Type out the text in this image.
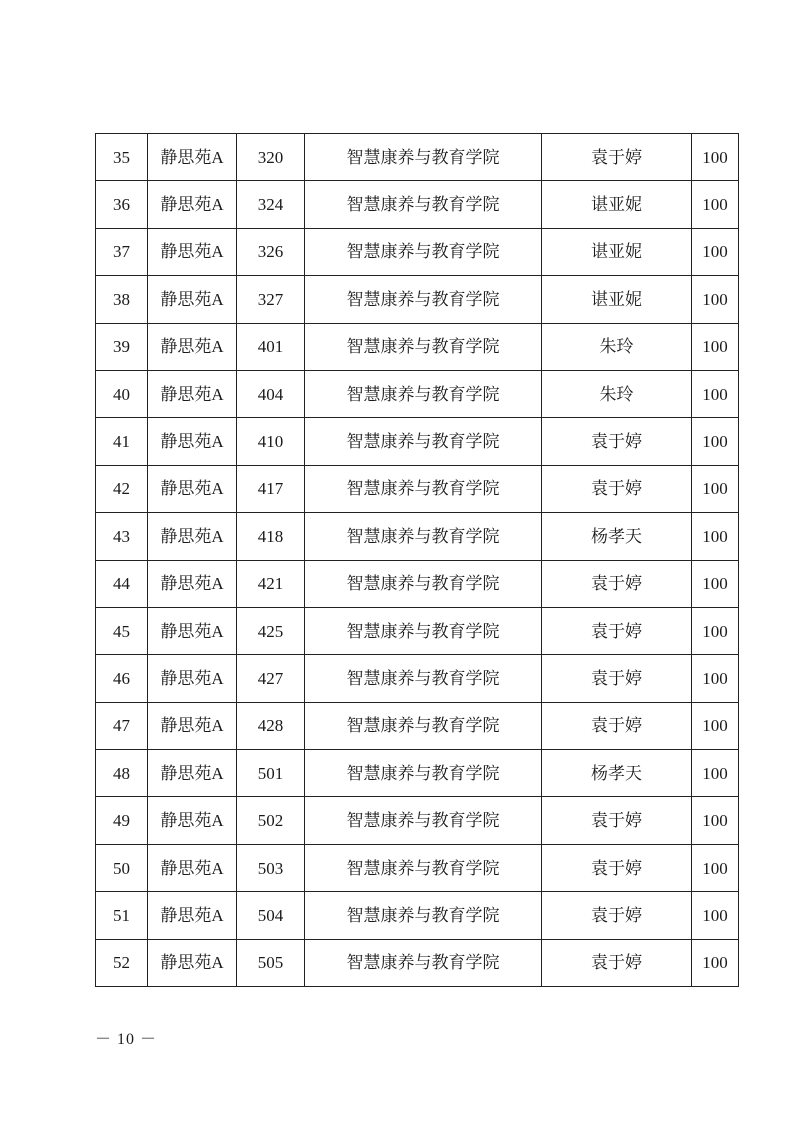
35	静思苑A	320	智慧康养与教育学院	袁于婷	100
36	静思苑A	324	智慧康养与教育学院	谌亚妮	100
37	静思苑A	326	智慧康养与教育学院	谌亚妮	100
38	静思苑A	327	智慧康养与教育学院	谌亚妮	100
39	静思苑A	401	智慧康养与教育学院	朱玲	100
40	静思苑A	404	智慧康养与教育学院	朱玲	100
41	静思苑A	410	智慧康养与教育学院	袁于婷	100
42	静思苑A	417	智慧康养与教育学院	袁于婷	100
43	静思苑A	418	智慧康养与教育学院	杨孝天	100
44	静思苑A	421	智慧康养与教育学院	袁于婷	100
45	静思苑A	425	智慧康养与教育学院	袁于婷	100
46	静思苑A	427	智慧康养与教育学院	袁于婷	100
47	静思苑A	428	智慧康养与教育学院	袁于婷	100
48	静思苑A	501	智慧康养与教育学院	杨孝天	100
49	静思苑A	502	智慧康养与教育学院	袁于婷	100
50	静思苑A	503	智慧康养与教育学院	袁于婷	100
51	静思苑A	504	智慧康养与教育学院	袁于婷	100
52	静思苑A	505	智慧康养与教育学院	袁于婷	100
－ 10 －
